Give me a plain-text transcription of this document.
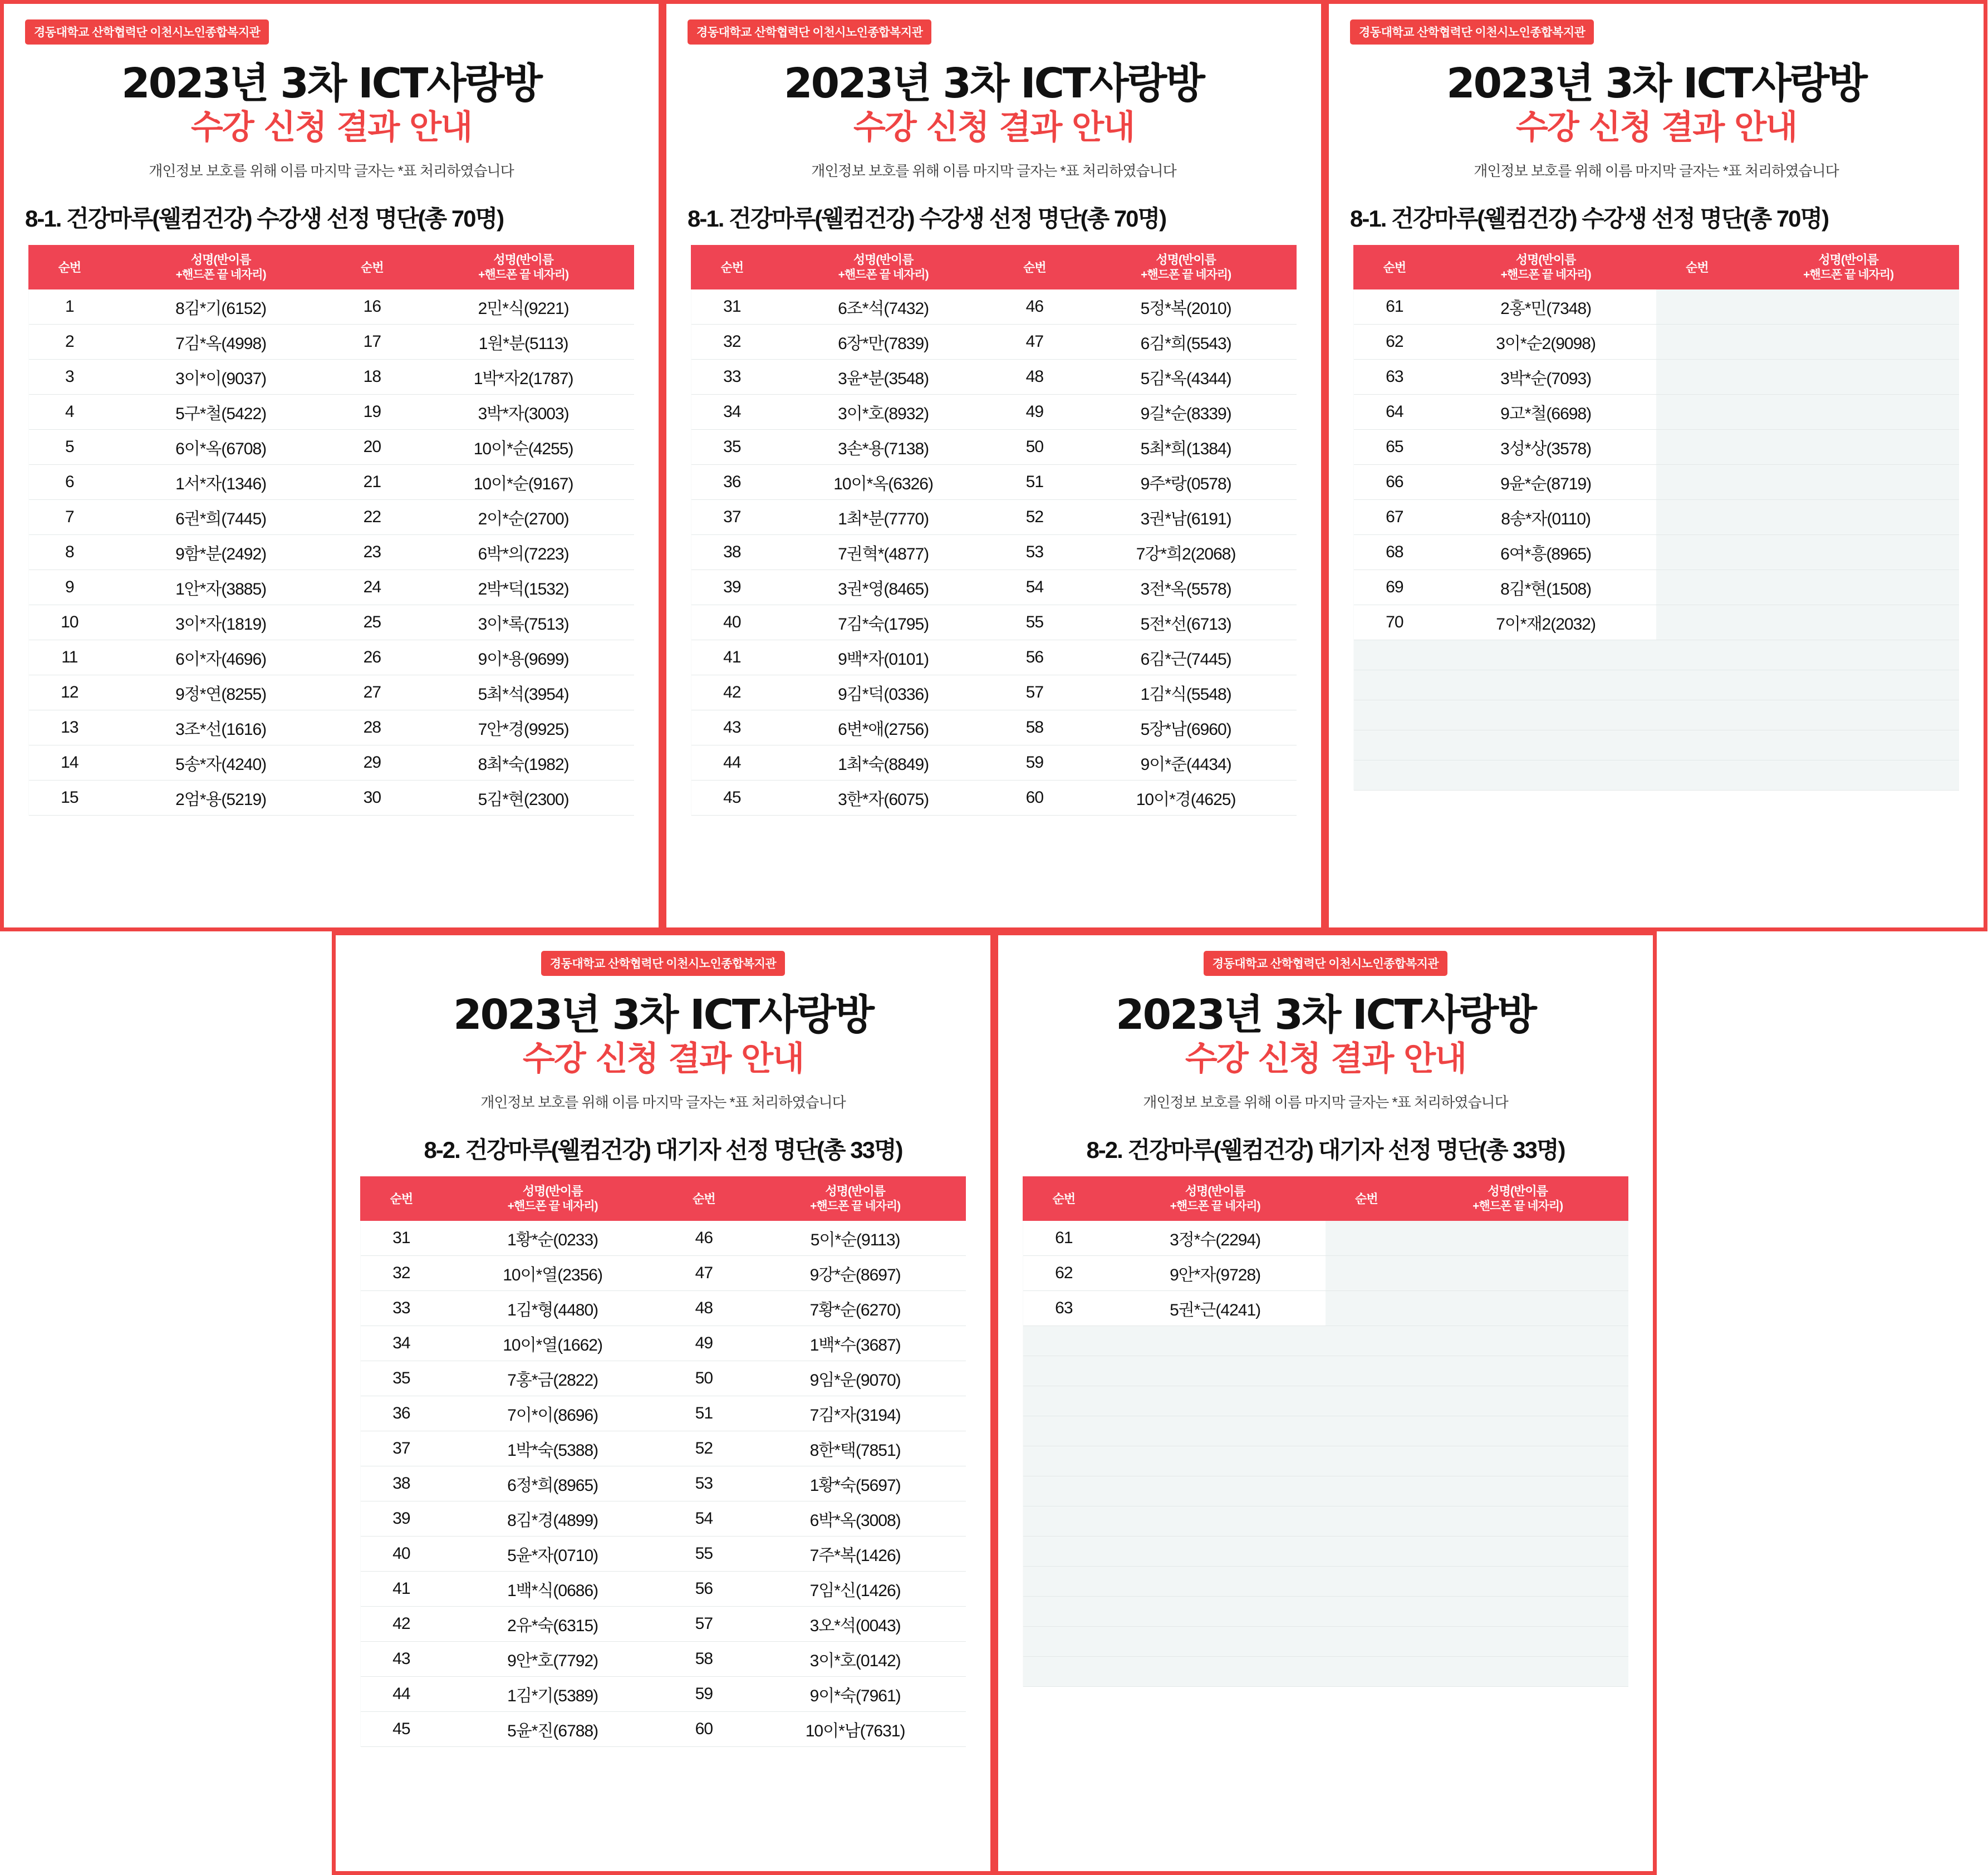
경동대학교 산학협력단 이천시노인종합복지관
2023년 3차 ICT사랑방
수강 신청 결과 안내
개인정보 보호를 위해 이름 마지막 글자는 *표 처리하였습니다
8-1. 건강마루(웰컴건강) 수강생 선정 명단(총 70명)
순번	성명(반이름
+핸드폰 끝 네자리)	순번	성명(반이름
+핸드폰 끝 네자리)

1	8김*기(6152)	16	2민*식(9221)
2	7김*옥(4998)	17	1원*분(5113)
3	3이*이(9037)	18	1박*자2(1787)
4	5구*철(5422)	19	3박*자(3003)
5	6이*옥(6708)	20	10이*순(4255)
6	1서*자(1346)	21	10이*순(9167)
7	6권*희(7445)	22	2이*순(2700)
8	9함*분(2492)	23	6박*의(7223)
9	1안*자(3885)	24	2박*덕(1532)
10	3이*자(1819)	25	3이*록(7513)
11	6이*자(4696)	26	9이*용(9699)
12	9정*연(8255)	27	5최*석(3954)
13	3조*선(1616)	28	7안*경(9925)
14	5송*자(4240)	29	8최*숙(1982)
15	2엄*용(5219)	30	5김*현(2300)
경동대학교 산학협력단 이천시노인종합복지관
2023년 3차 ICT사랑방
수강 신청 결과 안내
개인정보 보호를 위해 이름 마지막 글자는 *표 처리하였습니다
8-1. 건강마루(웰컴건강) 수강생 선정 명단(총 70명)
순번	성명(반이름
+핸드폰 끝 네자리)	순번	성명(반이름
+핸드폰 끝 네자리)

31	6조*석(7432)	46	5정*복(2010)
32	6장*만(7839)	47	6김*희(5543)
33	3윤*분(3548)	48	5김*옥(4344)
34	3이*호(8932)	49	9길*순(8339)
35	3손*용(7138)	50	5최*희(1384)
36	10이*옥(6326)	51	9주*랑(0578)
37	1최*분(7770)	52	3권*남(6191)
38	7권혁*(4877)	53	7강*희2(2068)
39	3권*영(8465)	54	3전*옥(5578)
40	7김*숙(1795)	55	5전*선(6713)
41	9백*자(0101)	56	6김*근(7445)
42	9김*덕(0336)	57	1김*식(5548)
43	6변*애(2756)	58	5장*남(6960)
44	1최*숙(8849)	59	9이*준(4434)
45	3한*자(6075)	60	10이*경(4625)
경동대학교 산학협력단 이천시노인종합복지관
2023년 3차 ICT사랑방
수강 신청 결과 안내
개인정보 보호를 위해 이름 마지막 글자는 *표 처리하였습니다
8-1. 건강마루(웰컴건강) 수강생 선정 명단(총 70명)
순번	성명(반이름
+핸드폰 끝 네자리)	순번	성명(반이름
+핸드폰 끝 네자리)

61	2홍*민(7348)		
62	3이*순2(9098)		
63	3박*순(7093)		
64	9고*철(6698)		
65	3성*상(3578)		
66	9윤*순(8719)		
67	8송*자(0110)		
68	6여*흥(8965)		
69	8김*현(1508)		
70	7이*재2(2032)		

경동대학교 산학협력단 이천시노인종합복지관
2023년 3차 ICT사랑방
수강 신청 결과 안내
개인정보 보호를 위해 이름 마지막 글자는 *표 처리하였습니다
8-2. 건강마루(웰컴건강) 대기자 선정 명단(총 33명)
순번	성명(반이름
+핸드폰 끝 네자리)	순번	성명(반이름
+핸드폰 끝 네자리)

31	1황*순(0233)	46	5이*순(9113)
32	10이*열(2356)	47	9강*순(8697)
33	1김*형(4480)	48	7황*순(6270)
34	10이*열(1662)	49	1백*수(3687)
35	7홍*금(2822)	50	9임*운(9070)
36	7이*이(8696)	51	7김*자(3194)
37	1박*숙(5388)	52	8한*택(7851)
38	6정*희(8965)	53	1황*숙(5697)
39	8김*경(4899)	54	6박*옥(3008)
40	5윤*자(0710)	55	7주*복(1426)
41	1백*식(0686)	56	7임*신(1426)
42	2유*숙(6315)	57	3오*석(0043)
43	9안*호(7792)	58	3이*호(0142)
44	1김*기(5389)	59	9이*숙(7961)
45	5윤*진(6788)	60	10이*남(7631)
경동대학교 산학협력단 이천시노인종합복지관
2023년 3차 ICT사랑방
수강 신청 결과 안내
개인정보 보호를 위해 이름 마지막 글자는 *표 처리하였습니다
8-2. 건강마루(웰컴건강) 대기자 선정 명단(총 33명)
순번	성명(반이름
+핸드폰 끝 네자리)	순번	성명(반이름
+핸드폰 끝 네자리)

61	3정*수(2294)		
62	9안*자(9728)		
63	5권*근(4241)		
